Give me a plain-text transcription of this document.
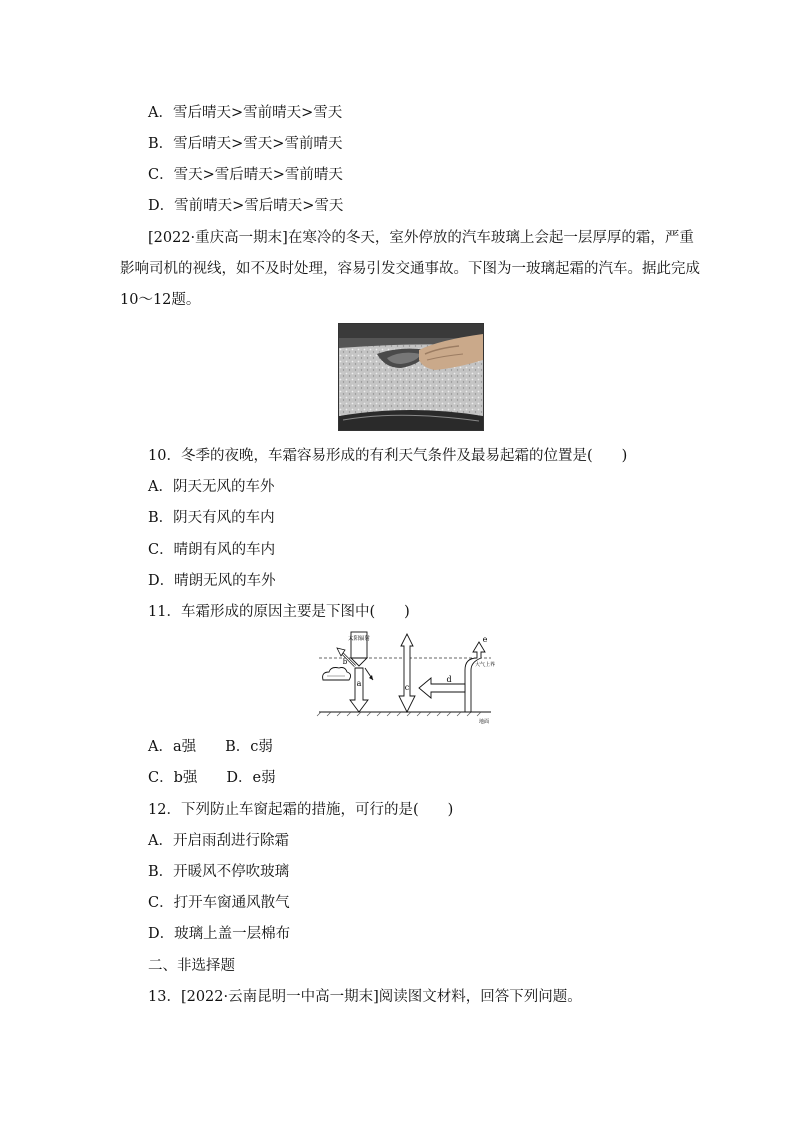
A．雪后晴天>雪前晴天>雪天
B．雪后晴天>雪天>雪前晴天
C．雪天>雪后晴天>雪前晴天
D．雪前晴天>雪后晴天>雪天
[2022·重庆高一期末]在寒冷的冬天，室外停放的汽车玻璃上会起一层厚厚的霜，严重
影响司机的视线，如不及时处理，容易引发交通事故。下图为一玻璃起霜的汽车。据此完成
10～12题。
10．冬季的夜晚，车霜容易形成的有利天气条件及最易起霜的位置是(　　)
A．阴天无风的车外
B．阴天有风的车内
C．晴朗有风的车内
D．晴朗无风的车外
11．车霜形成的原因主要是下图中(　　)
太阳辐射
a
b
c
d
e
大气上界
地面
A．a强　　B．c弱
C．b强　　D．e弱
12．下列防止车窗起霜的措施，可行的是(　　)
A．开启雨刮进行除霜
B．开暖风不停吹玻璃
C．打开车窗通风散气
D．玻璃上盖一层棉布
二、非选择题
13．[2022·云南昆明一中高一期末]阅读图文材料，回答下列问题。
